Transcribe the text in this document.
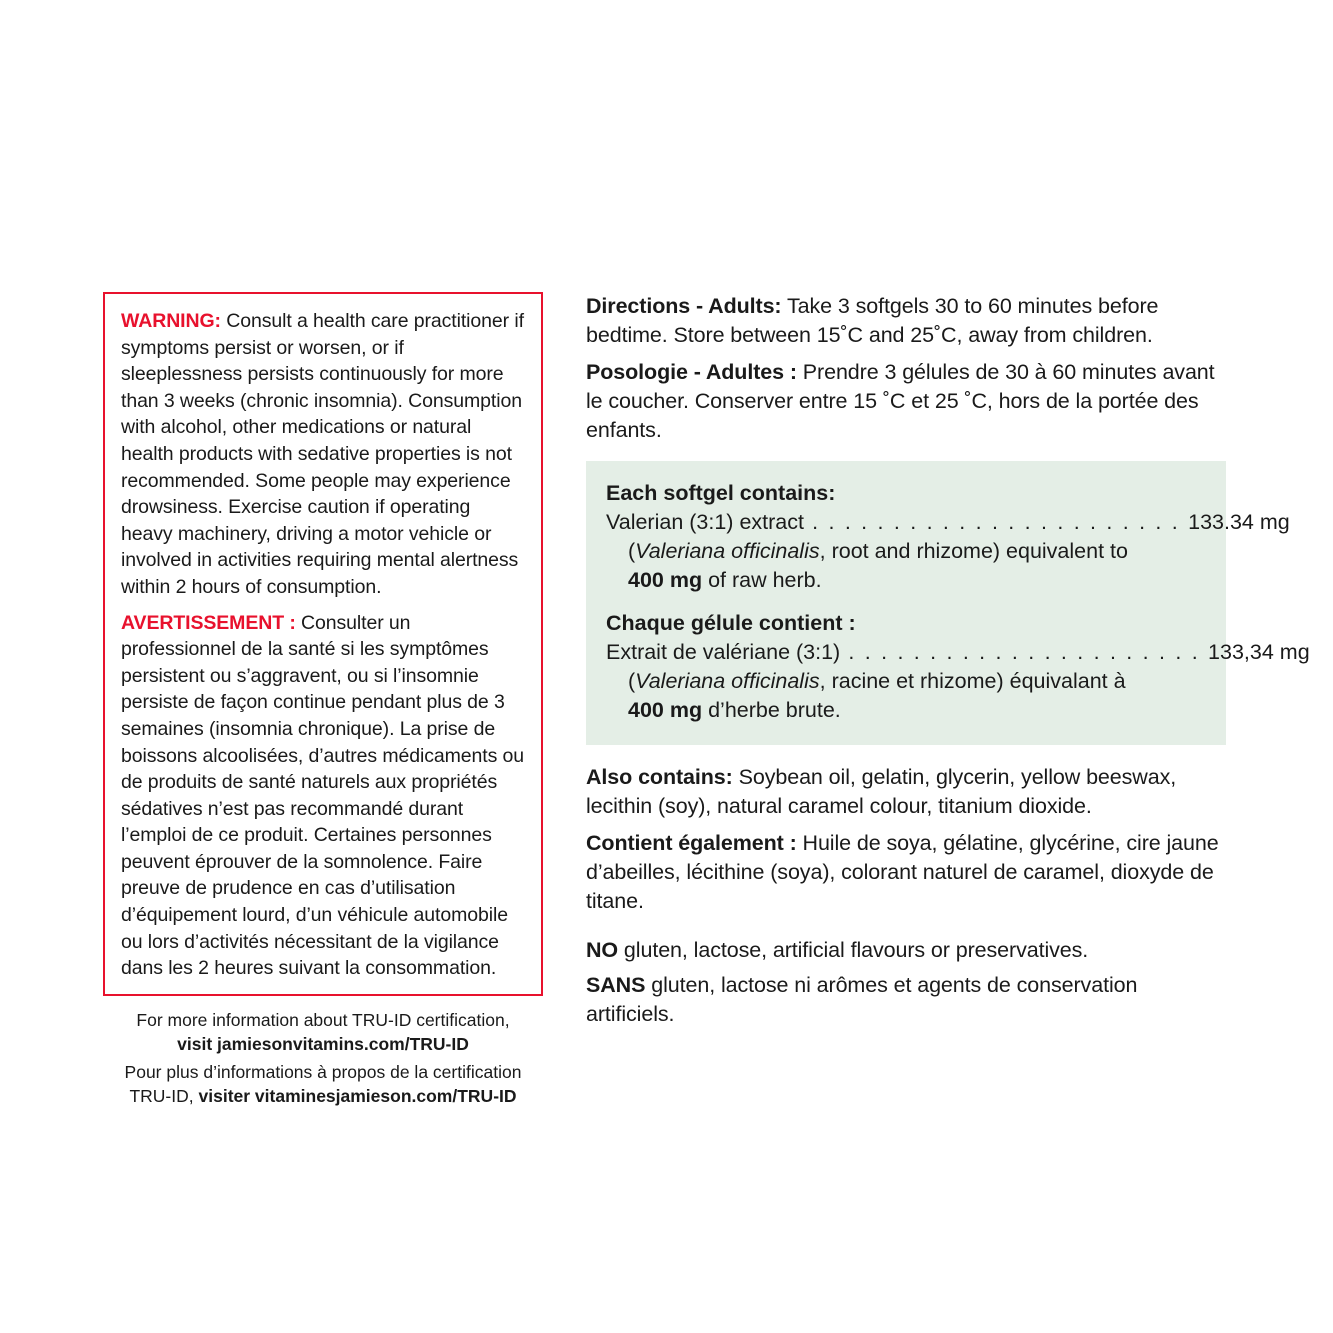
WARNING: Consult a health care practitioner if symptoms persist or worsen, or if sleeplessness persists continuously for more than 3 weeks (chronic insomnia). Consumption with alcohol, other medications or natural health products with sedative properties is not recommended. Some people may experience drowsiness. Exercise caution if operating heavy machinery, driving a motor vehicle or involved in activities requiring mental alertness within 2 hours of consumption.

AVERTISSEMENT : Consulter un professionnel de la santé si les symptômes persistent ou s’aggravent, ou si l’insomnie persiste de façon continue pendant plus de 3 semaines (insomnia chronique). La prise de boissons alcoolisées, d’autres médicaments ou de produits de santé naturels aux propriétés sédatives n’est pas recommandé durant l’emploi de ce produit. Certaines personnes peuvent éprouver de la somnolence. Faire preuve de prudence en cas d’utilisation d’équipement lourd, d’un véhicule automobile ou lors d’activités nécessitant de la vigilance dans les 2 heures suivant la consommation.

For more information about TRU-ID certification,
visit jamiesonvitamins.com/TRU-ID
Pour plus d’informations à propos de la certification
TRU-ID, visiter vitaminesjamieson.com/TRU-ID

Directions - Adults: Take 3 softgels 30 to 60 minutes before bedtime. Store between 15˚C and 25˚C, away from children.

Posologie - Adultes : Prendre 3 gélules de 30 à 60 minutes avant le coucher. Conserver entre 15 ˚C et 25 ˚C, hors de la portée des enfants.

Each softgel contains:

Valerian (3:1) extract . . . . . . . . . . . . . . . . . . . . . . . 133.34 mg

(Valeriana officinalis, root and rhizome) equivalent to

400 mg of raw herb.

Chaque gélule contient :

Extrait de valériane (3:1) . . . . . . . . . . . . . . . . . . . . . . 133,34 mg

(Valeriana officinalis, racine et rhizome) équivalant à

400 mg d’herbe brute.

Also contains: Soybean oil, gelatin, glycerin, yellow beeswax, lecithin (soy), natural caramel colour, titanium dioxide.

Contient également : Huile de soya, gélatine, glycérine, cire jaune d’abeilles, lécithine (soya), colorant naturel de caramel, dioxyde de titane.

NO gluten, lactose, artificial flavours or preservatives.

SANS gluten, lactose ni arômes et agents de conservation artificiels.
